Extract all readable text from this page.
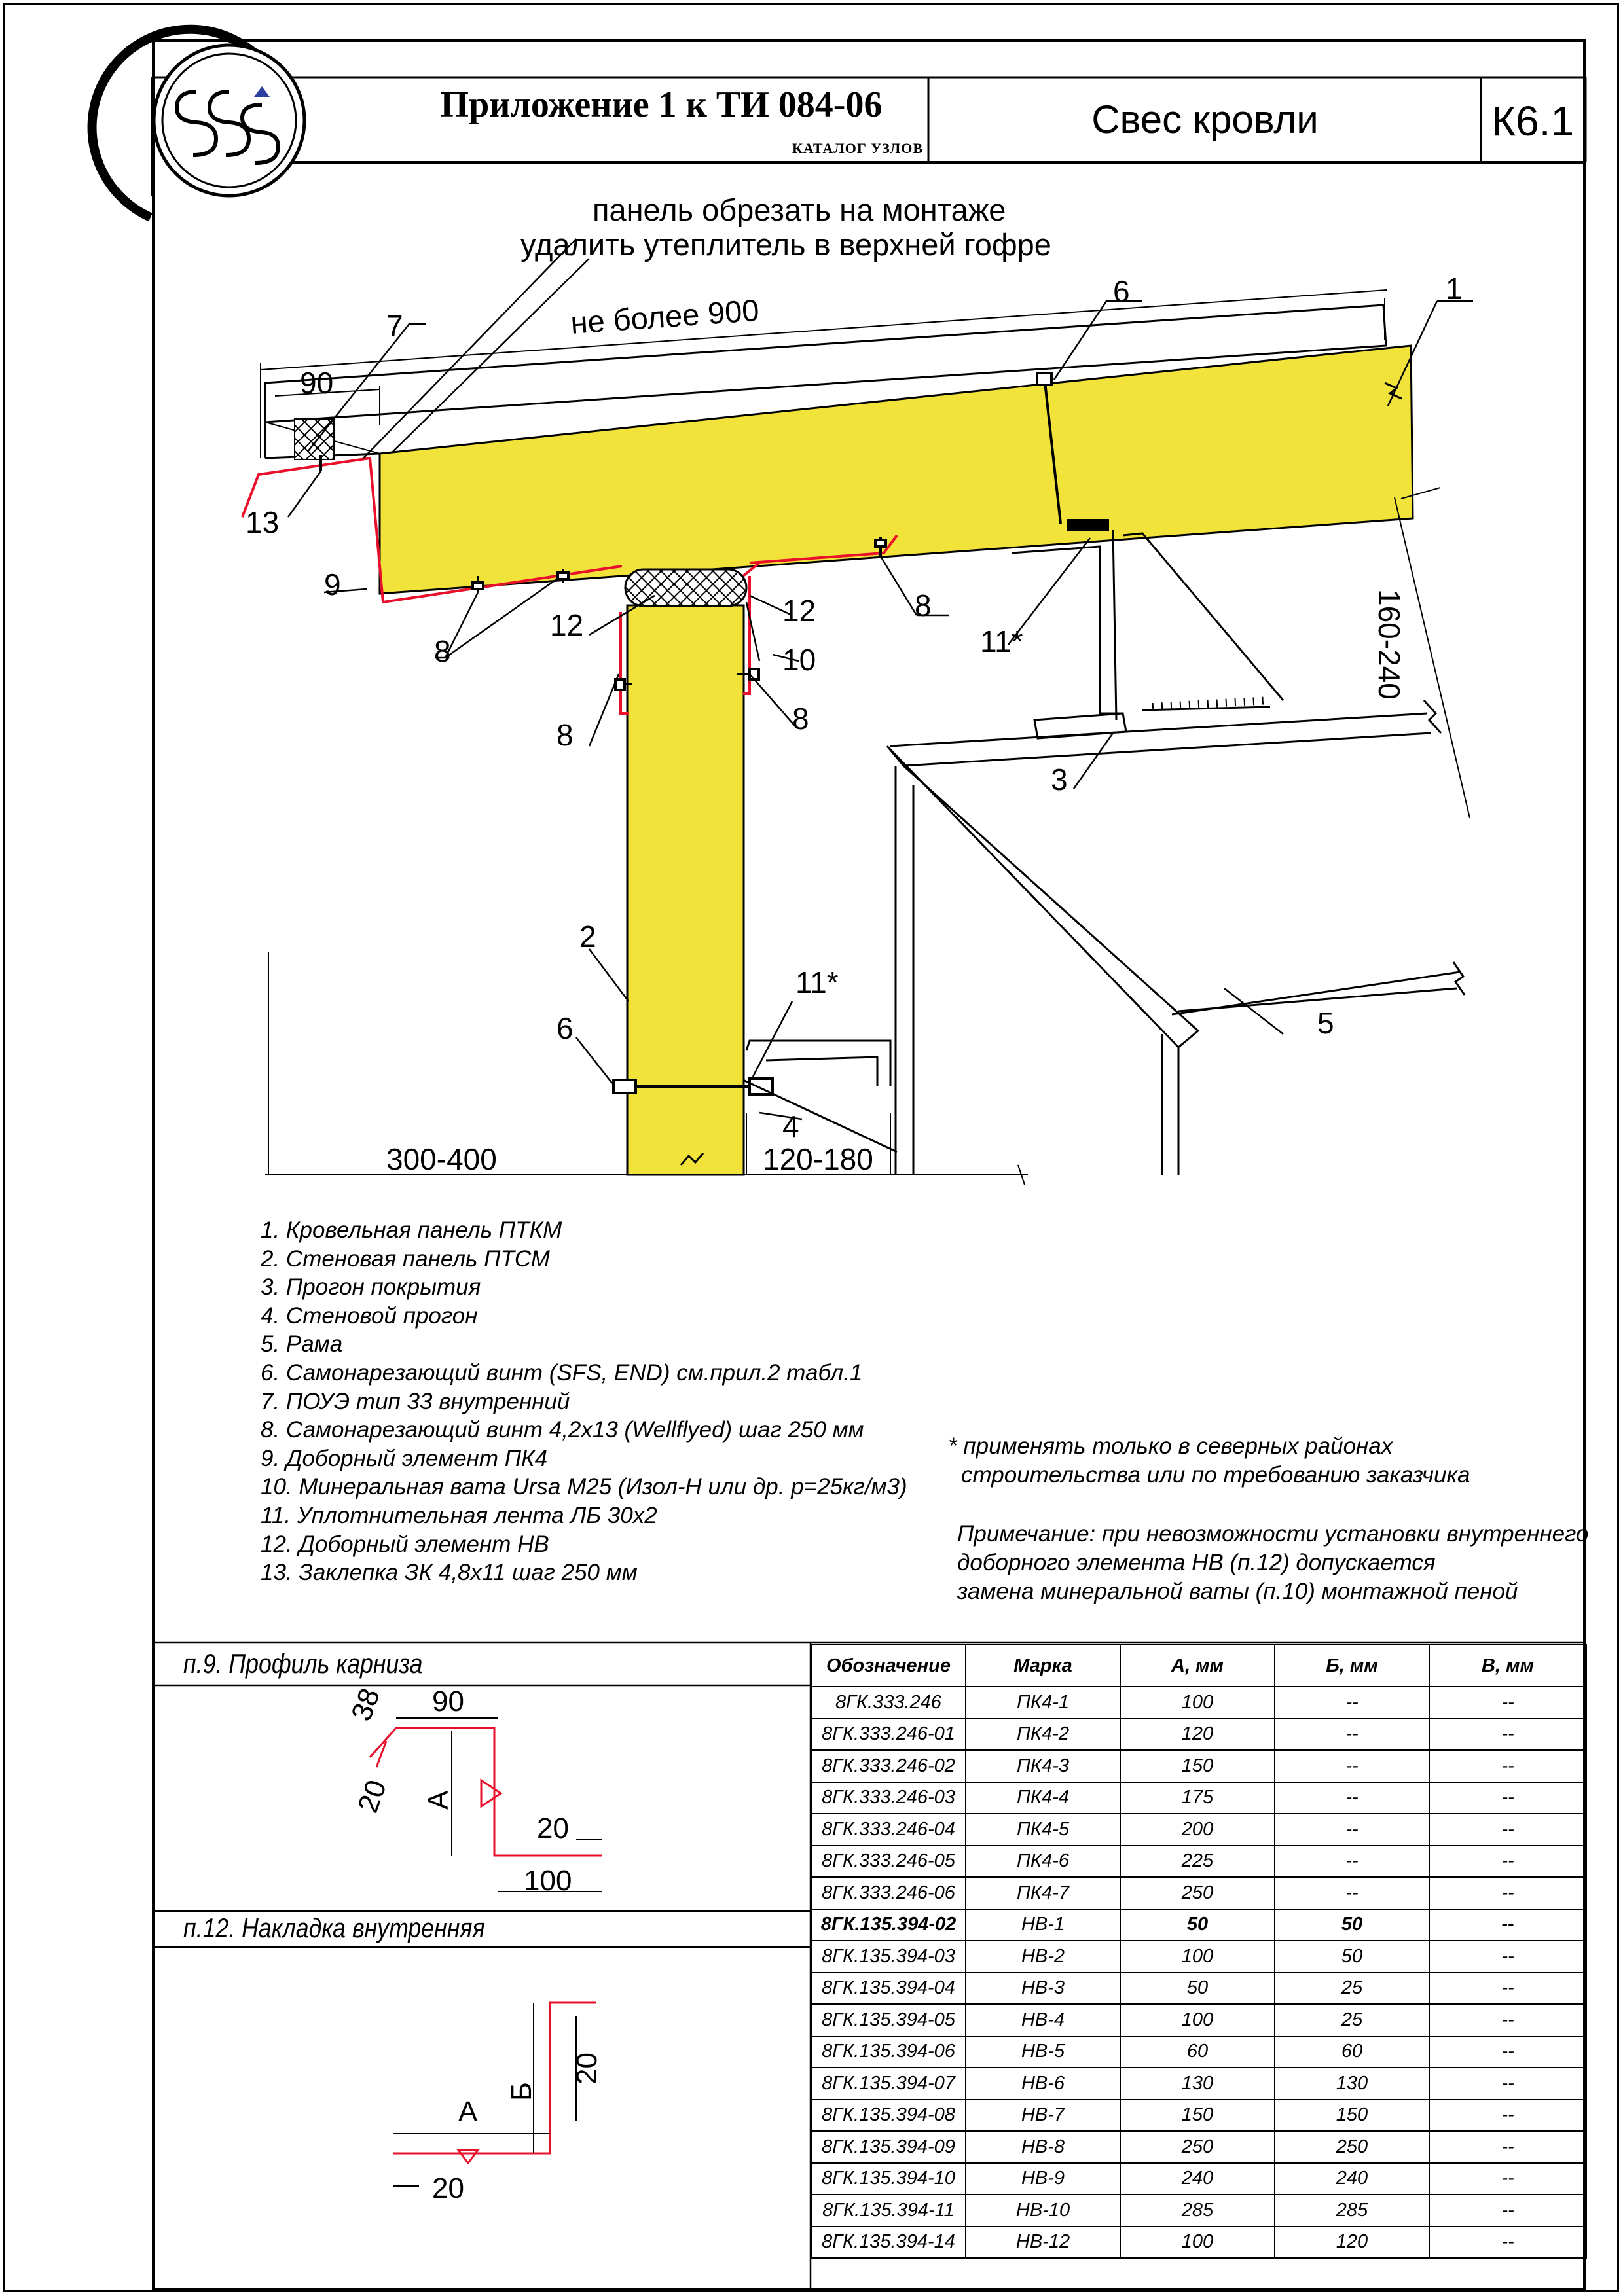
Приложение 1 к ТИ 084-06
КАТАЛОГ УЗЛОВ
Свес кровли	К6.1
панель обрезать на монтаже
удалить утеплитель в верхней гофре
не более 900
90
160-240
300-400	120-180
1
2
3
4
5
6
6
7
8
8
8	8
9
10
11*
11*
12
12
13
1. Кровельная панель ПТКМ
2. Стеновая панель ПТСМ
3. Прогон покрытия
4. Стеновой прогон
5. Рама
6. Самонарезающий винт (SFS, END) см.прил.2 табл.1
7. ПОУЭ тип 33 внутренний
8. Самонарезающий винт 4,2х13 (Wellflyed) шаг 250 мм
9. Доборный элемент ПК4
10. Минеральная вата Ursa M25 (Изол-Н или др. р=25кг/м3)
11. Уплотнительная лента ЛБ 30х2
12. Доборный элемент НВ
13. Заклепка ЗК 4,8х11 шаг 250 мм
* применять только в северных районах
строительства или по требованию заказчика
Примечание: при невозможности установки внутреннего
доборного элемента НВ (п.12) допускается
замена минеральной ваты (п.10) монтажной пеной
п.9. Профиль карниза
п.12. Накладка внутренняя
90
38
20 А
20
100
А
Б
20
20
Обозначение	Марка	А, мм	Б, мм	В, мм
8ГК.333.246	ПК4-1	100	--	--
8ГК.333.246-01	ПК4-2	120	--	--
8ГК.333.246-02	ПК4-3	150	--	--
8ГК.333.246-03	ПК4-4	175	--	--
8ГК.333.246-04	ПК4-5	200	--	--
8ГК.333.246-05	ПК4-6	225	--	--
8ГК.333.246-06	ПК4-7	250	--	--
8ГК.135.394-02	НВ-1	50	50	--
8ГК.135.394-03	НВ-2	100	50	--
8ГК.135.394-04	НВ-3	50	25	--
8ГК.135.394-05	НВ-4	100	25	--
8ГК.135.394-06	НВ-5	60	60	--
8ГК.135.394-07	НВ-6	130	130	--
8ГК.135.394-08	НВ-7	150	150	--
8ГК.135.394-09	НВ-8	250	250	--
8ГК.135.394-10	НВ-9	240	240	--
8ГК.135.394-11	НВ-10	285	285	--
8ГК.135.394-14	НВ-12	100	120	--
